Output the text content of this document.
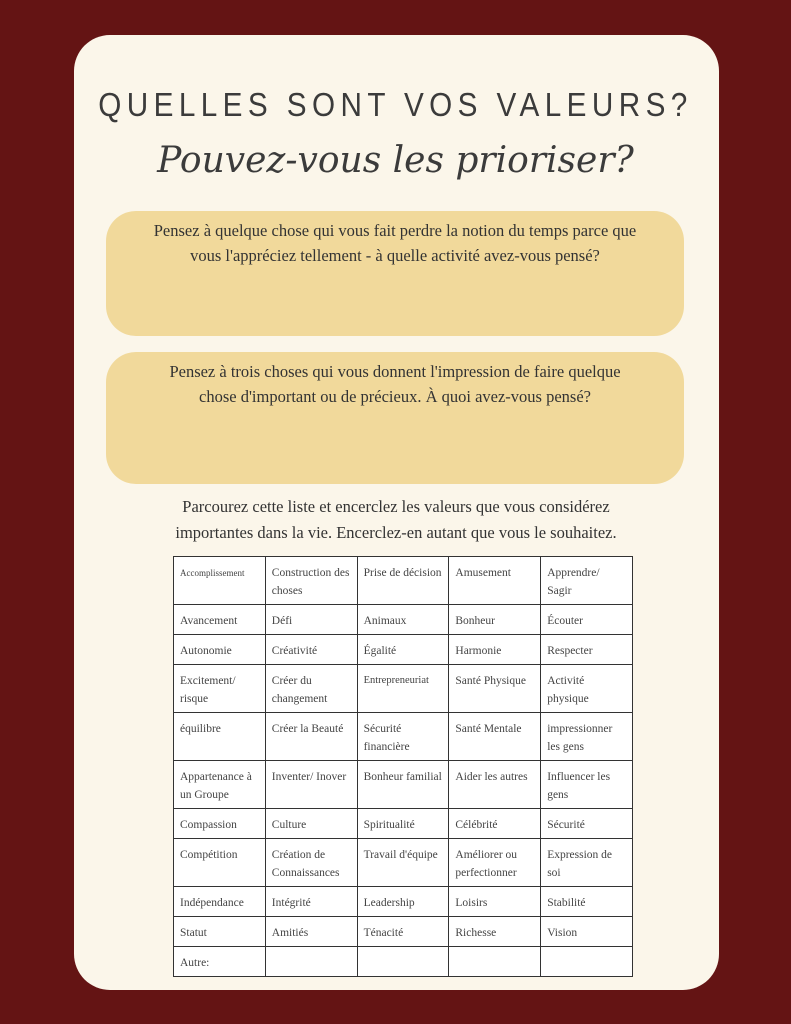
QUELLES SONT VOS VALEURS?
Pouvez-vous les prioriser?
Pensez à quelque chose qui vous fait perdre la notion du temps parce que vous l'appréciez tellement - à quelle activité avez-vous pensé?
Pensez à trois choses qui vous donnent l'impression de faire quelque chose d'important ou de précieux. À quoi avez-vous pensé?
Parcourez cette liste et encerclez les valeurs que vous considérez importantes dans la vie. Encerclez-en autant que vous le souhaitez.
Accomplissement	Construction des choses	Prise de décision	Amusement	Apprendre/ Sagir
Avancement	Défi	Animaux	Bonheur	Écouter
Autonomie	Créativité	Égalité	Harmonie	Respecter
Excitement/ risque	Créer du changement	Entrepreneuriat	Santé Physique	Activité physique
équilibre	Créer la Beauté	Sécurité financière	Santé Mentale	impressionner les gens
Appartenance à un Groupe	Inventer/ Inover	Bonheur familial	Aider les autres	Influencer les gens
Compassion	Culture	Spiritualité	Célébrité	Sécurité
Compétition	Création de Connaissances	Travail d'équipe	Améliorer ou perfectionner	Expression de soi
Indépendance	Intégrité	Leadership	Loisirs	Stabilité
Statut	Amitiés	Ténacité	Richesse	Vision
Autre:				
